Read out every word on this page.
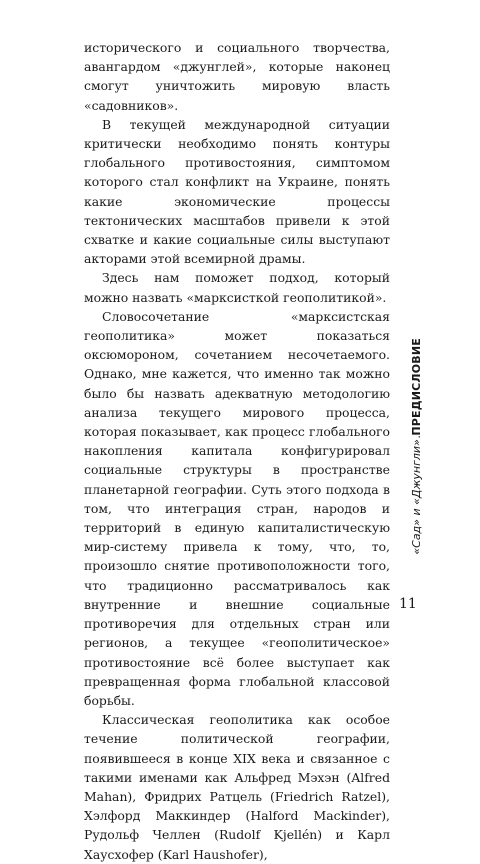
исторического и социального творчества, авангардом «джунглей», которые наконец смогут уничтожить мировую власть «садовников».

В текущей международной ситуации критически необходимо понять контуры глобального противостояния, симптомом которого стал конфликт на Украине, понять какие экономические процессы тектонических масштабов привели к этой схватке и какие социальные силы выступают акторами этой всемирной драмы.

Здесь нам поможет подход, который можно назвать «марксисткой геополитикой».

Словосочетание «марксистская геополитика» может показаться оксюмороном, сочетанием несочетаемого. Однако, мне кажется, что именно так можно было бы назвать адекватную методологию анализа текущего мирового процесса, которая показывает, как процесс глобального накопления капитала конфигурировал социальные структуры в пространстве планетарной географии. Суть этого подхода в том, что интеграция стран, народов и территорий в единую капиталистическую мир-систему привела к тому, что, то, произошло снятие противоположности того, что традиционно рассматривалось как внутренние и внешние социальные противоречия для отдельных стран или регионов, а текущее «геополитическое» противостояние всё более выступает как превращенная форма глобальной классовой борьбы.

Классическая геополитика как особое течение политической географии, появившееся в конце XIX века и связанное с такими именами как Альфред Мэхэн (Alfred Mahan), Фридрих Ратцель (Friedrich Ratzel), Хэлфорд Маккиндер (Halford Mackinder), Рудольф Челлен (Rudolf Kjellén) и Карл Хаусхофер (Karl Haushofer),

«Сад» и «Джунгли».ПРЕДИСЛОВИЕ
11
